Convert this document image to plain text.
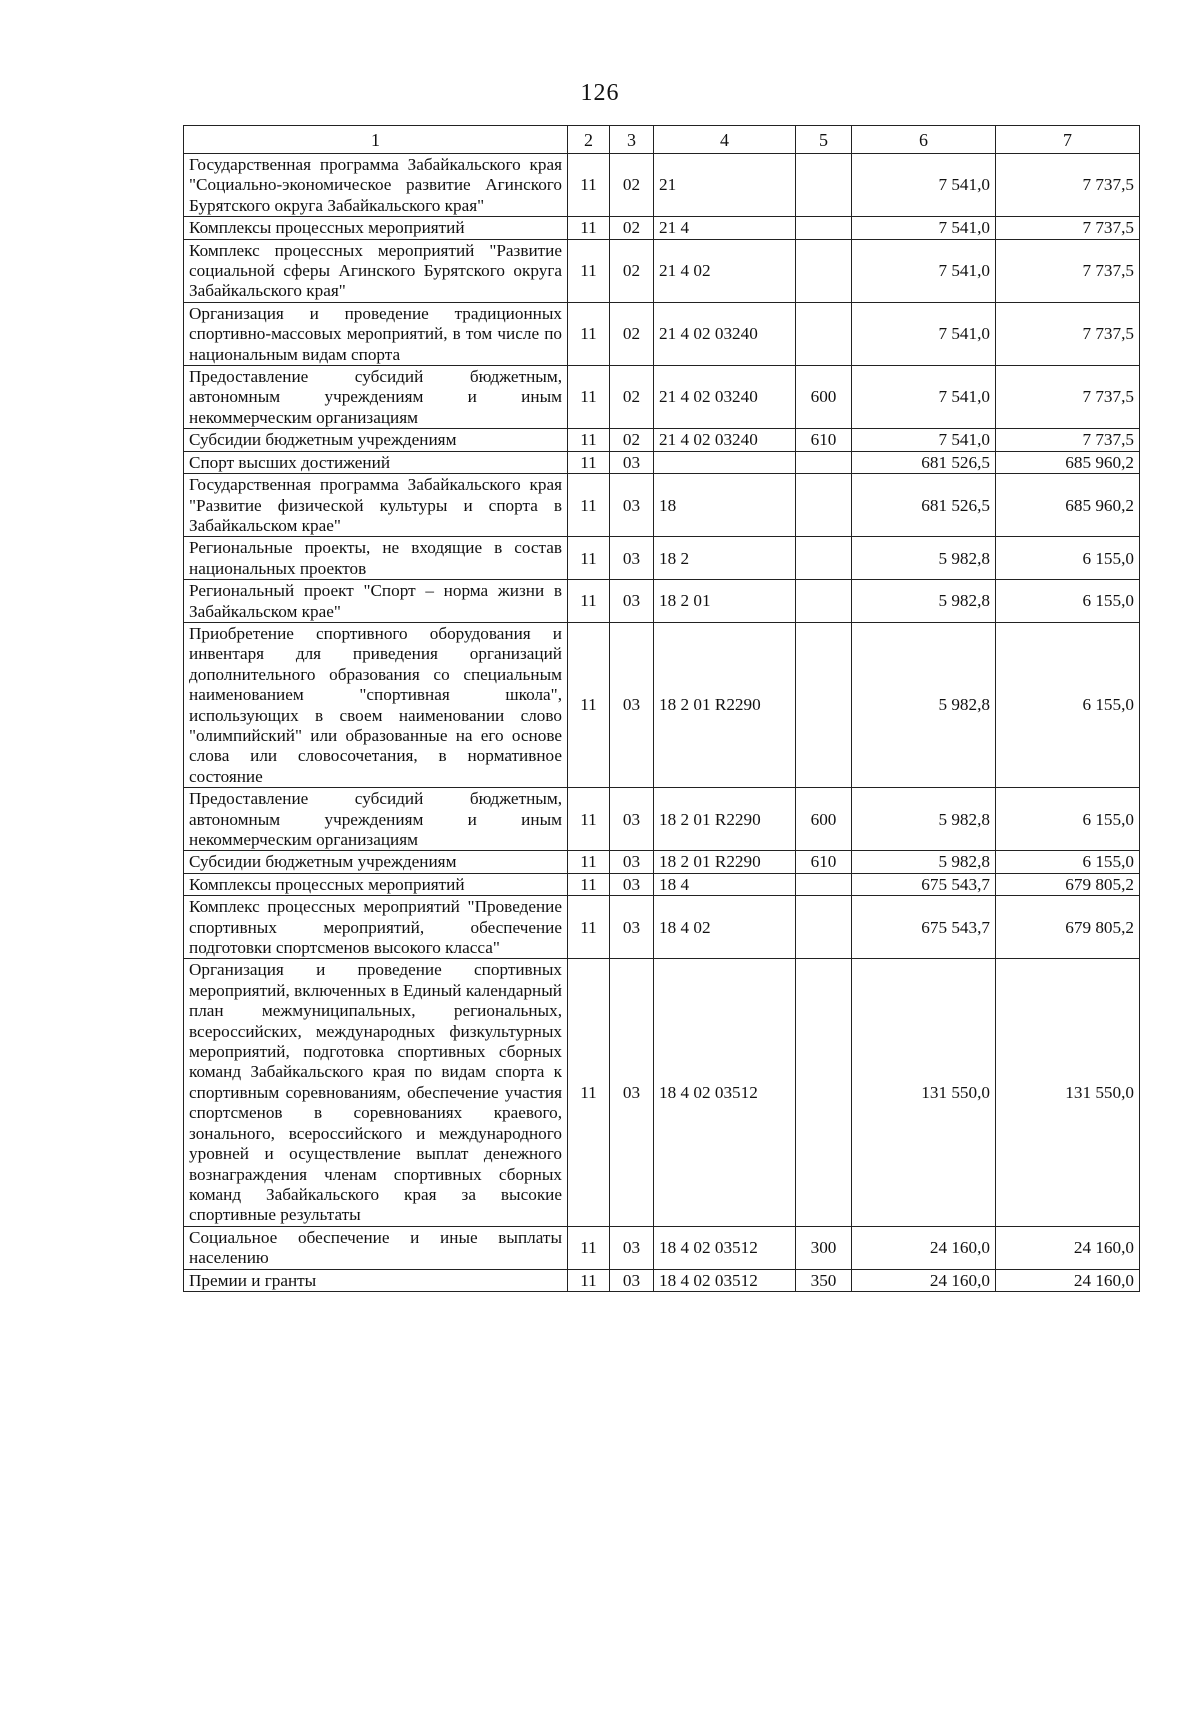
126
1	2	3	4	5	6	7
Государственная программа Забайкальского края "Социально-экономическое развитие Агинского Бурятского округа Забайкальского края"	11	02	21		7 541,0	7 737,5
Комплексы процессных мероприятий	11	02	21 4		7 541,0	7 737,5
Комплекс процессных мероприятий "Развитие социальной сферы Агинского Бурятского округа Забайкальского края"	11	02	21 4 02		7 541,0	7 737,5
Организация и проведение традиционных спортивно-массовых мероприятий, в том числе по национальным видам спорта	11	02	21 4 02 03240		7 541,0	7 737,5
Предоставление субсидий бюджетным, автономным учреждениям и иным некоммерческим организациям	11	02	21 4 02 03240	600	7 541,0	7 737,5
Субсидии бюджетным учреждениям	11	02	21 4 02 03240	610	7 541,0	7 737,5
Спорт высших достижений	11	03			681 526,5	685 960,2
Государственная программа Забайкальского края "Развитие физической культуры и спорта в Забайкальском крае"	11	03	18		681 526,5	685 960,2
Региональные проекты, не входящие в состав национальных проектов	11	03	18 2		5 982,8	6 155,0
Региональный проект "Спорт – норма жизни в Забайкальском крае"	11	03	18 2 01		5 982,8	6 155,0
Приобретение спортивного оборудования и инвентаря для приведения организаций дополнительного образования со специальным наименованием "спортивная школа", использующих в своем наименовании слово "олимпийский" или образованные на его основе слова или словосочетания, в нормативное состояние	11	03	18 2 01 R2290		5 982,8	6 155,0
Предоставление субсидий бюджетным, автономным учреждениям и иным некоммерческим организациям	11	03	18 2 01 R2290	600	5 982,8	6 155,0
Субсидии бюджетным учреждениям	11	03	18 2 01 R2290	610	5 982,8	6 155,0
Комплексы процессных мероприятий	11	03	18 4		675 543,7	679 805,2
Комплекс процессных мероприятий "Проведение спортивных мероприятий, обеспечение подготовки спортсменов высокого класса"	11	03	18 4 02		675 543,7	679 805,2
Организация и проведение спортивных мероприятий, включенных в Единый календарный план межмуниципальных, региональных, всероссийских, международных физкультурных мероприятий, подготовка спортивных сборных команд Забайкальского края по видам спорта к спортивным соревнованиям, обеспечение участия спортсменов в соревнованиях краевого, зонального, всероссийского и международного уровней и осуществление выплат денежного вознаграждения членам спортивных сборных команд Забайкальского края за высокие спортивные результаты	11	03	18 4 02 03512		131 550,0	131 550,0
Социальное обеспечение и иные выплаты населению	11	03	18 4 02 03512	300	24 160,0	24 160,0
Премии и гранты	11	03	18 4 02 03512	350	24 160,0	24 160,0
